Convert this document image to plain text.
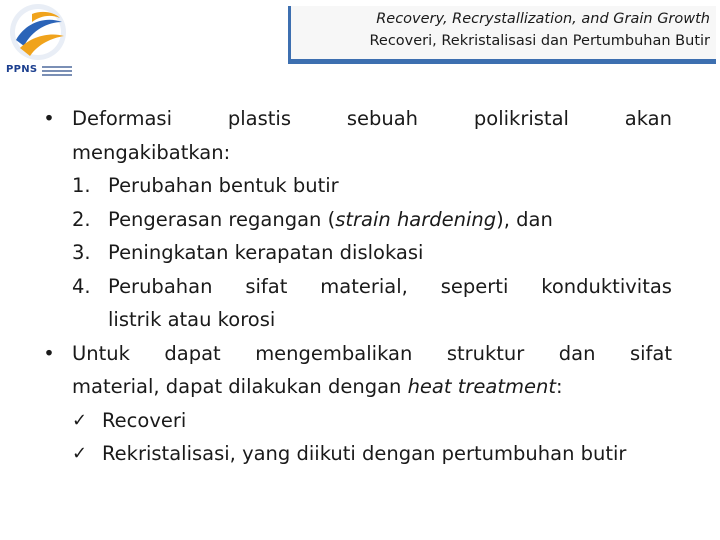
PPNS
Recovery, Recrystallization, and Grain Growth
Recoveri, Rekristalisasi dan Pertumbuhan Butir
• Deformasi	plastis	sebuah	polikristal	akan
mengakibatkan:
1. Perubahan bentuk butir
2. Pengerasan regangan (strain hardening), dan
3. Peningkatan kerapatan dislokasi
4. Perubahan sifat material, seperti konduktivitas
listrik atau korosi
• Untuk dapat mengembalikan struktur dan sifat
material, dapat dilakukan dengan heat treatment:
✓ Recoveri
✓ Rekristalisasi, yang diikuti dengan pertumbuhan butir
